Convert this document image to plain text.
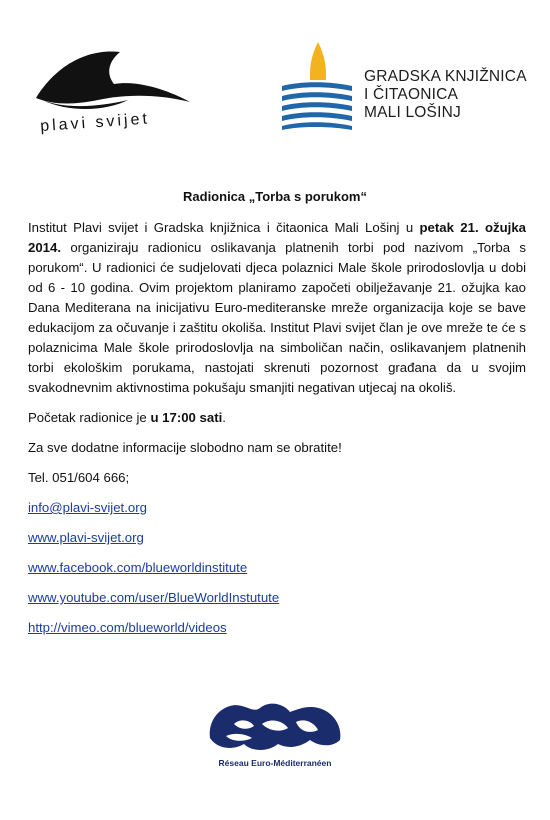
plavi svijet
GRADSKA KNJIŽNICA
I ČITAONICA
MALI LOŠINJ
Radionica „Torba s porukom“

Institut Plavi svijet i Gradska knjižnica i čitaonica Mali Lošinj u petak 21. ožujka 2014. organiziraju radionicu oslikavanja platnenih torbi pod nazivom „Torba s porukom“. U radionici će sudjelovati djeca polaznici Male škole prirodoslovlja u dobi od 6 - 10 godina. Ovim projektom planiramo započeti obilježavanje 21. ožujka kao Dana Mediterana na inicijativu Euro-mediteranske mreže organizacija koje se bave edukacijom za očuvanje i zaštitu okoliša. Institut Plavi svijet član je ove mreže te će s polaznicima Male škole prirodoslovlja na simboličan način, oslikavanjem platnenih torbi ekološkim porukama, nastojati skrenuti pozornost građana da u svojim svakodnevnim aktivnostima pokušaju smanjiti negativan utjecaj na okoliš.

Početak radionice je u 17:00 sati.

Za sve dodatne informacije slobodno nam se obratite!

Tel. 051/604 666;

info@plavi-svijet.org
www.plavi-svijet.org
www.facebook.com/blueworldinstitute
www.youtube.com/user/BlueWorldInstutute
http://vimeo.com/blueworld/videos
Réseau Euro-Méditerranéen
